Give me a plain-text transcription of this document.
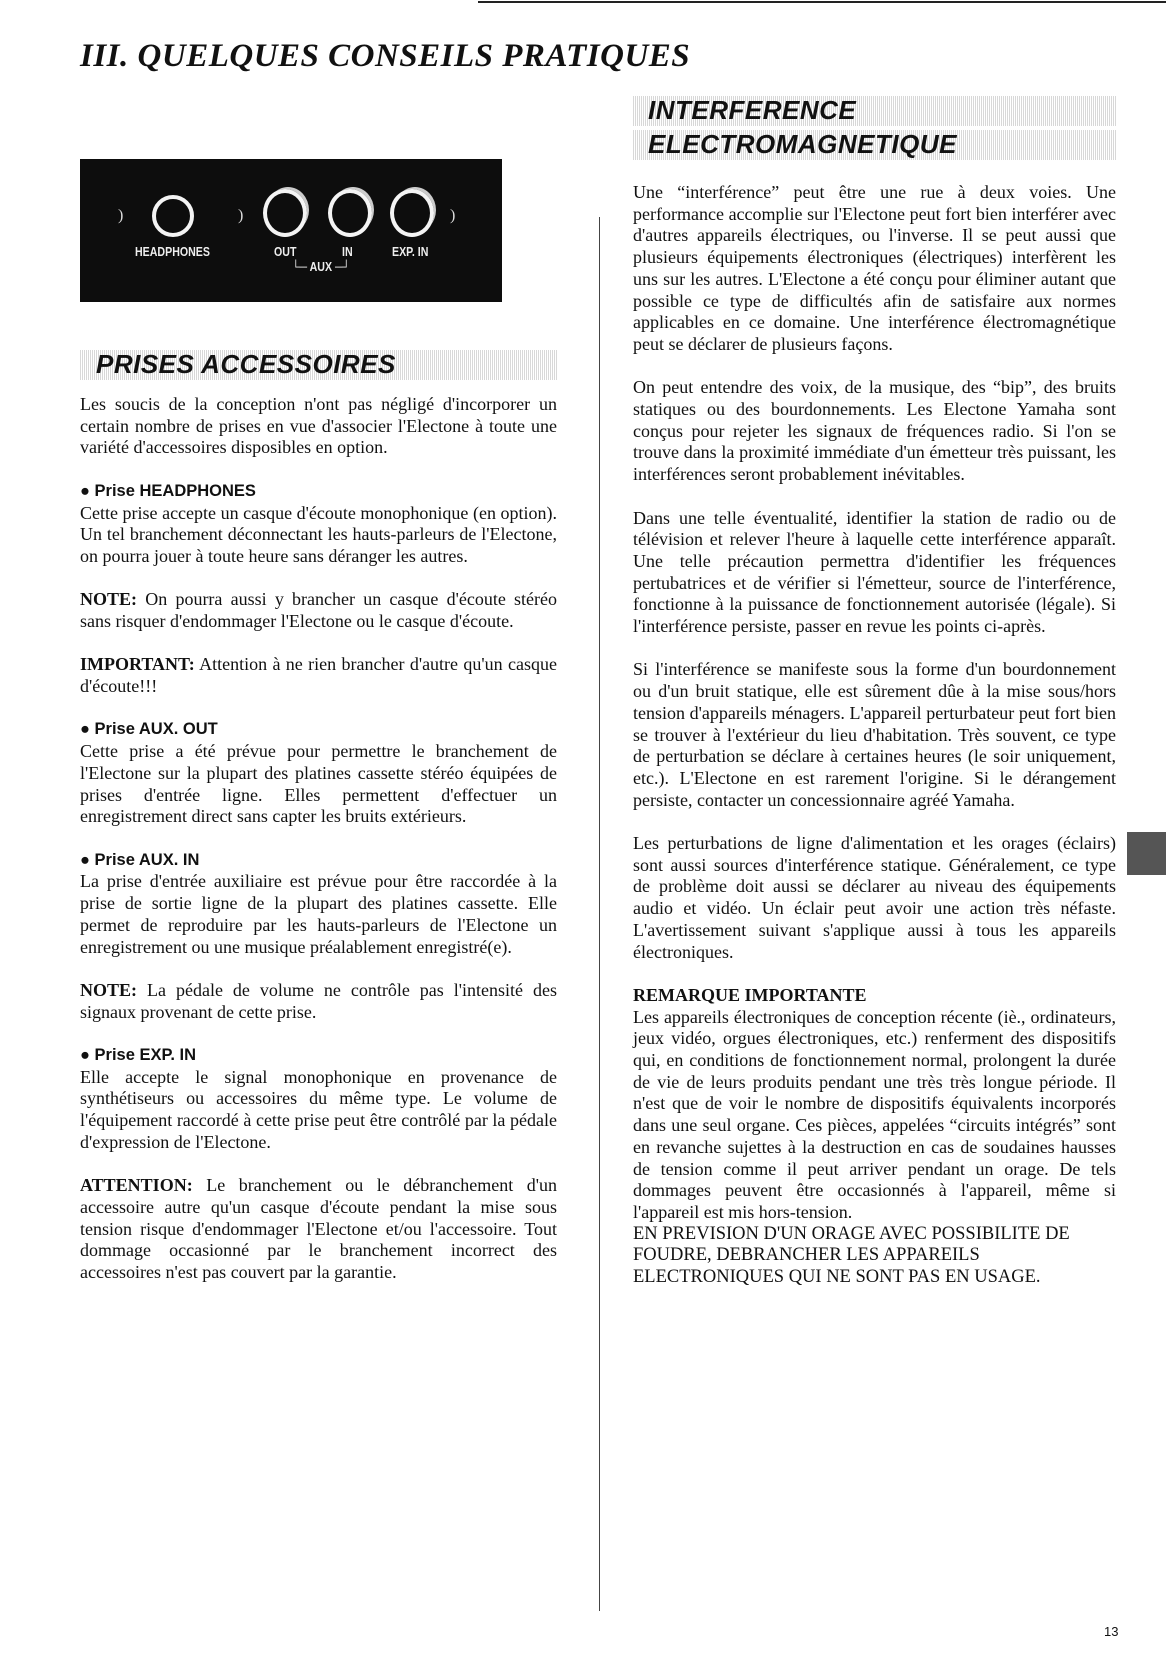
III. QUELQUES CONSEILS PRATIQUES
)	)	)
HEADPHONES	OUT	IN
└─ AUX ─┘
EXP. IN
PRISES ACCESSOIRES

Les soucis de la conception n'ont pas négligé d'incorporer un certain nombre de prises en vue d'associer l'Electone à toute une variété d'accessoires disposibles en option.

● Prise HEADPHONES
Cette prise accepte un casque d'écoute monophonique (en option). Un tel branchement déconnectant les hauts-parleurs de l'Electone, on pourra jouer à toute heure sans déranger les autres.

NOTE: On pourra aussi y brancher un casque d'écoute stéréo sans risquer d'endommager l'Electone ou le casque d'écoute.

IMPORTANT: Attention à ne rien brancher d'autre qu'un casque d'écoute!!!

● Prise AUX. OUT
Cette prise a été prévue pour permettre le branchement de l'Electone sur la plupart des platines cassette stéréo équipées de prises d'entrée ligne. Elles permettent d'effectuer un enregistrement direct sans capter les bruits extérieurs.

● Prise AUX. IN
La prise d'entrée auxiliaire est prévue pour être raccordée à la prise de sortie ligne de la plupart des platines cassette. Elle permet de reproduire par les hauts-parleurs de l'Electone un enregistrement ou une musique préalablement enregistré(e).

NOTE: La pédale de volume ne contrôle pas l'intensité des signaux provenant de cette prise.

● Prise EXP. IN
Elle accepte le signal monophonique en provenance de synthétiseurs ou accessoires du même type. Le volume de l'équipement raccordé à cette prise peut être contrôlé par la pédale d'expression de l'Electone.

ATTENTION: Le branchement ou le débranchement d'un accessoire autre qu'un casque d'écoute pendant la mise sous tension risque d'endommager l'Electone et/ou l'accessoire. Tout dommage occasionné par le branchement incorrect des accessoires n'est pas couvert par la garantie.

INTERFERENCE
ELECTROMAGNETIQUE

Une “interférence” peut être une rue à deux voies. Une performance accomplie sur l'Electone peut fort bien interférer avec d'autres appareils électriques, ou l'inverse. Il se peut aussi que plusieurs équipements électroniques (électriques) interfèrent les uns sur les autres. L'Electone a été conçu pour éliminer autant que possible ce type de difficultés afin de satisfaire aux normes applicables en ce domaine. Une interférence électromagnétique peut se déclarer de plusieurs façons.

On peut entendre des voix, de la musique, des “bip”, des bruits statiques ou des bourdonnements. Les Electone Yamaha sont conçus pour rejeter les signaux de fréquences radio. Si l'on se trouve dans la proximité immédiate d'un émetteur très puissant, les interférences seront probablement inévitables.

Dans une telle éventualité, identifier la station de radio ou de télévision et relever l'heure à laquelle cette interférence apparaît. Une telle précaution permettra d'identifier les fréquences pertubatrices et de vérifier si l'émetteur, source de l'interférence, fonctionne à la puissance de fonctionnement autorisée (légale). Si l'interférence persiste, passer en revue les points ci-après.

Si l'interférence se manifeste sous la forme d'un bourdonnement ou d'un bruit statique, elle est sûrement dûe à la mise sous/hors tension d'appareils ménagers. L'appareil perturbateur peut fort bien se trouver à l'extérieur du lieu d'habitation. Très souvent, ce type de perturbation se déclare à certaines heures (le soir uniquement, etc.). L'Electone en est rarement l'origine. Si le dérangement persiste, contacter un concessionnaire agréé Yamaha.

Les perturbations de ligne d'alimentation et les orages (éclairs) sont aussi sources d'interférence statique. Généralement, ce type de problème doit aussi se déclarer au niveau des équipements audio et vidéo. Un éclair peut avoir une action très néfaste. L'avertissement suivant s'applique aussi à tous les appareils électroniques.

REMARQUE IMPORTANTE
Les appareils électroniques de conception récente (iè., ordinateurs, jeux vidéo, orgues électroniques, etc.) renferment des dispositifs qui, en conditions de fonctionnement normal, prolongent la durée de vie de leurs produits pendant une très très longue période. Il n'est que de voir le nombre de dispositifs équivalents incorporés dans une seul organe. Ces pièces, appelées “circuits intégrés” sont en revanche sujettes à la destruction en cas de soudaines hausses de tension comme il peut arriver pendant un orage. De tels dommages peuvent être occasionnés à l'appareil, même si l'appareil est mis hors-tension.
EN PREVISION D'UN ORAGE AVEC POSSIBILITE DE FOUDRE, DEBRANCHER LES APPAREILS ELECTRONIQUES QUI NE SONT PAS EN USAGE.
13
